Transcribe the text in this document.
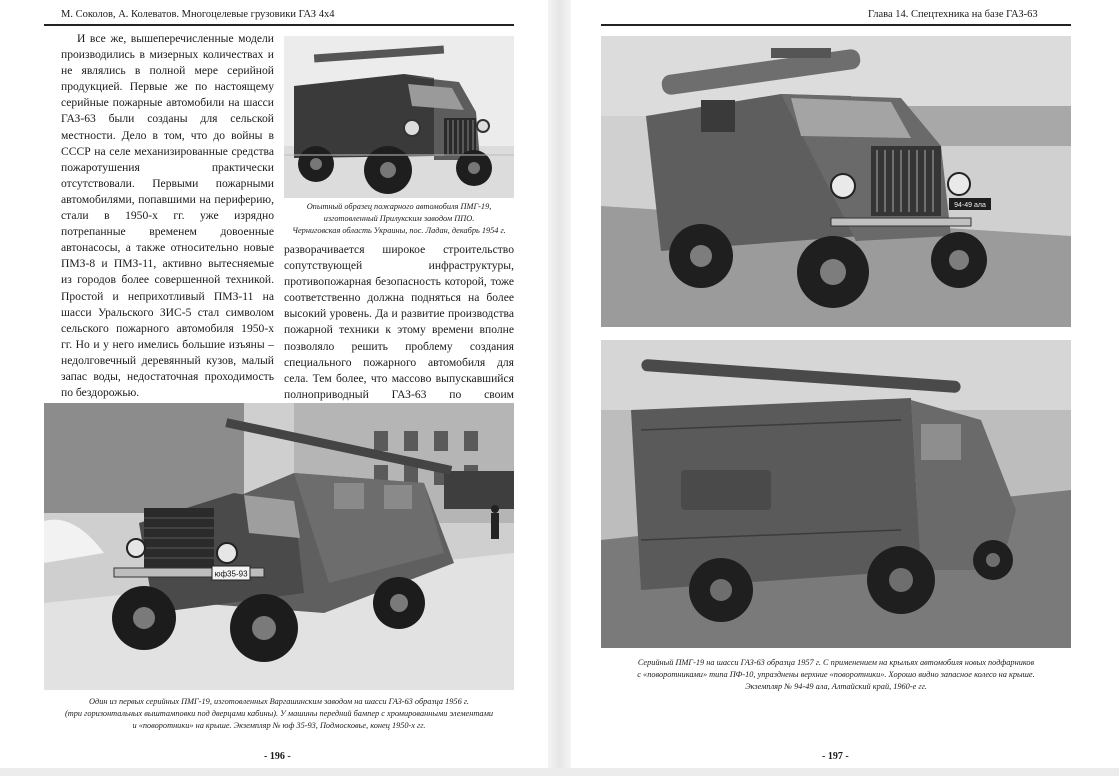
М. Соколов, А. Колеватов. Многоцелевые грузовики ГАЗ 4х4

И все же, вышеперечисленные модели производились в мизерных количествах и не являлись в полной мере серийной продукцией. Первые же по настоящему серийные пожарные автомобили на шасси ГАЗ-63 были созданы для сельской местности. Дело в том, что до войны в СССР на селе механизированные средства пожаротушения практически отсутствовали. Первыми пожарными автомобилями, попавшими на периферию, стали в 1950-х гг. уже изрядно потрепанные временем довоенные автонасосы, а также относительно новые ПМЗ-8 и ПМЗ-11, активно вытесняемые из городов более совершенной техникой. Простой и неприхотливый ПМЗ-11 на шасси Уральского ЗИС-5 стал символом сельского пожарного автомобиля 1950-х гг. Но и у него имелись большие изъяны – недолговечный деревянный кузов, малый запас воды, недостаточная проходимость по бездорожью.

Опытный образец пожарного автомобиля ПМГ-19,
изготовленный Прилукским заводом ППО.
Черниговская область Украины, пос. Ладан, декабрь 1954 г.

разворачивается широкое строительство сопутствующей инфраструктуры, противопожарная безопасность которой, тоже соответственно должна подняться на более высокий уровень. Да и развитие производства пожарной техники к этому времени вполне позволяло решить проблему создания специального пожарного автомобиля для села. Тем более, что массово выпускавшийся полноприводный ГАЗ-63 по своим

юф35-93
Один из первых серийных ПМГ-19, изготовленных Варгашинским заводом на шасси ГАЗ-63 образца 1956 г.
(три горизонтальных выштамповки под дверцами кабины). У машины передний бампер с хромированными элементами
и «поворотники» на крыше. Экземпляр № юф 35-93, Подмосковье, конец 1950-х гг.
- 196 -
Глава 14. Спецтехника на базе ГАЗ-63
94-49 ала
Серийный ПМГ-19 на шасси ГАЗ-63 образца 1957 г. С применением на крыльях автомобиля новых подфарников
с «поворотниками» типа ПФ-10, упразднены верхние «поворотники». Хорошо видно запасное колесо на крыше.
Экземпляр № 94-49 ала, Алтайский край, 1960-е гг.
- 197 -
